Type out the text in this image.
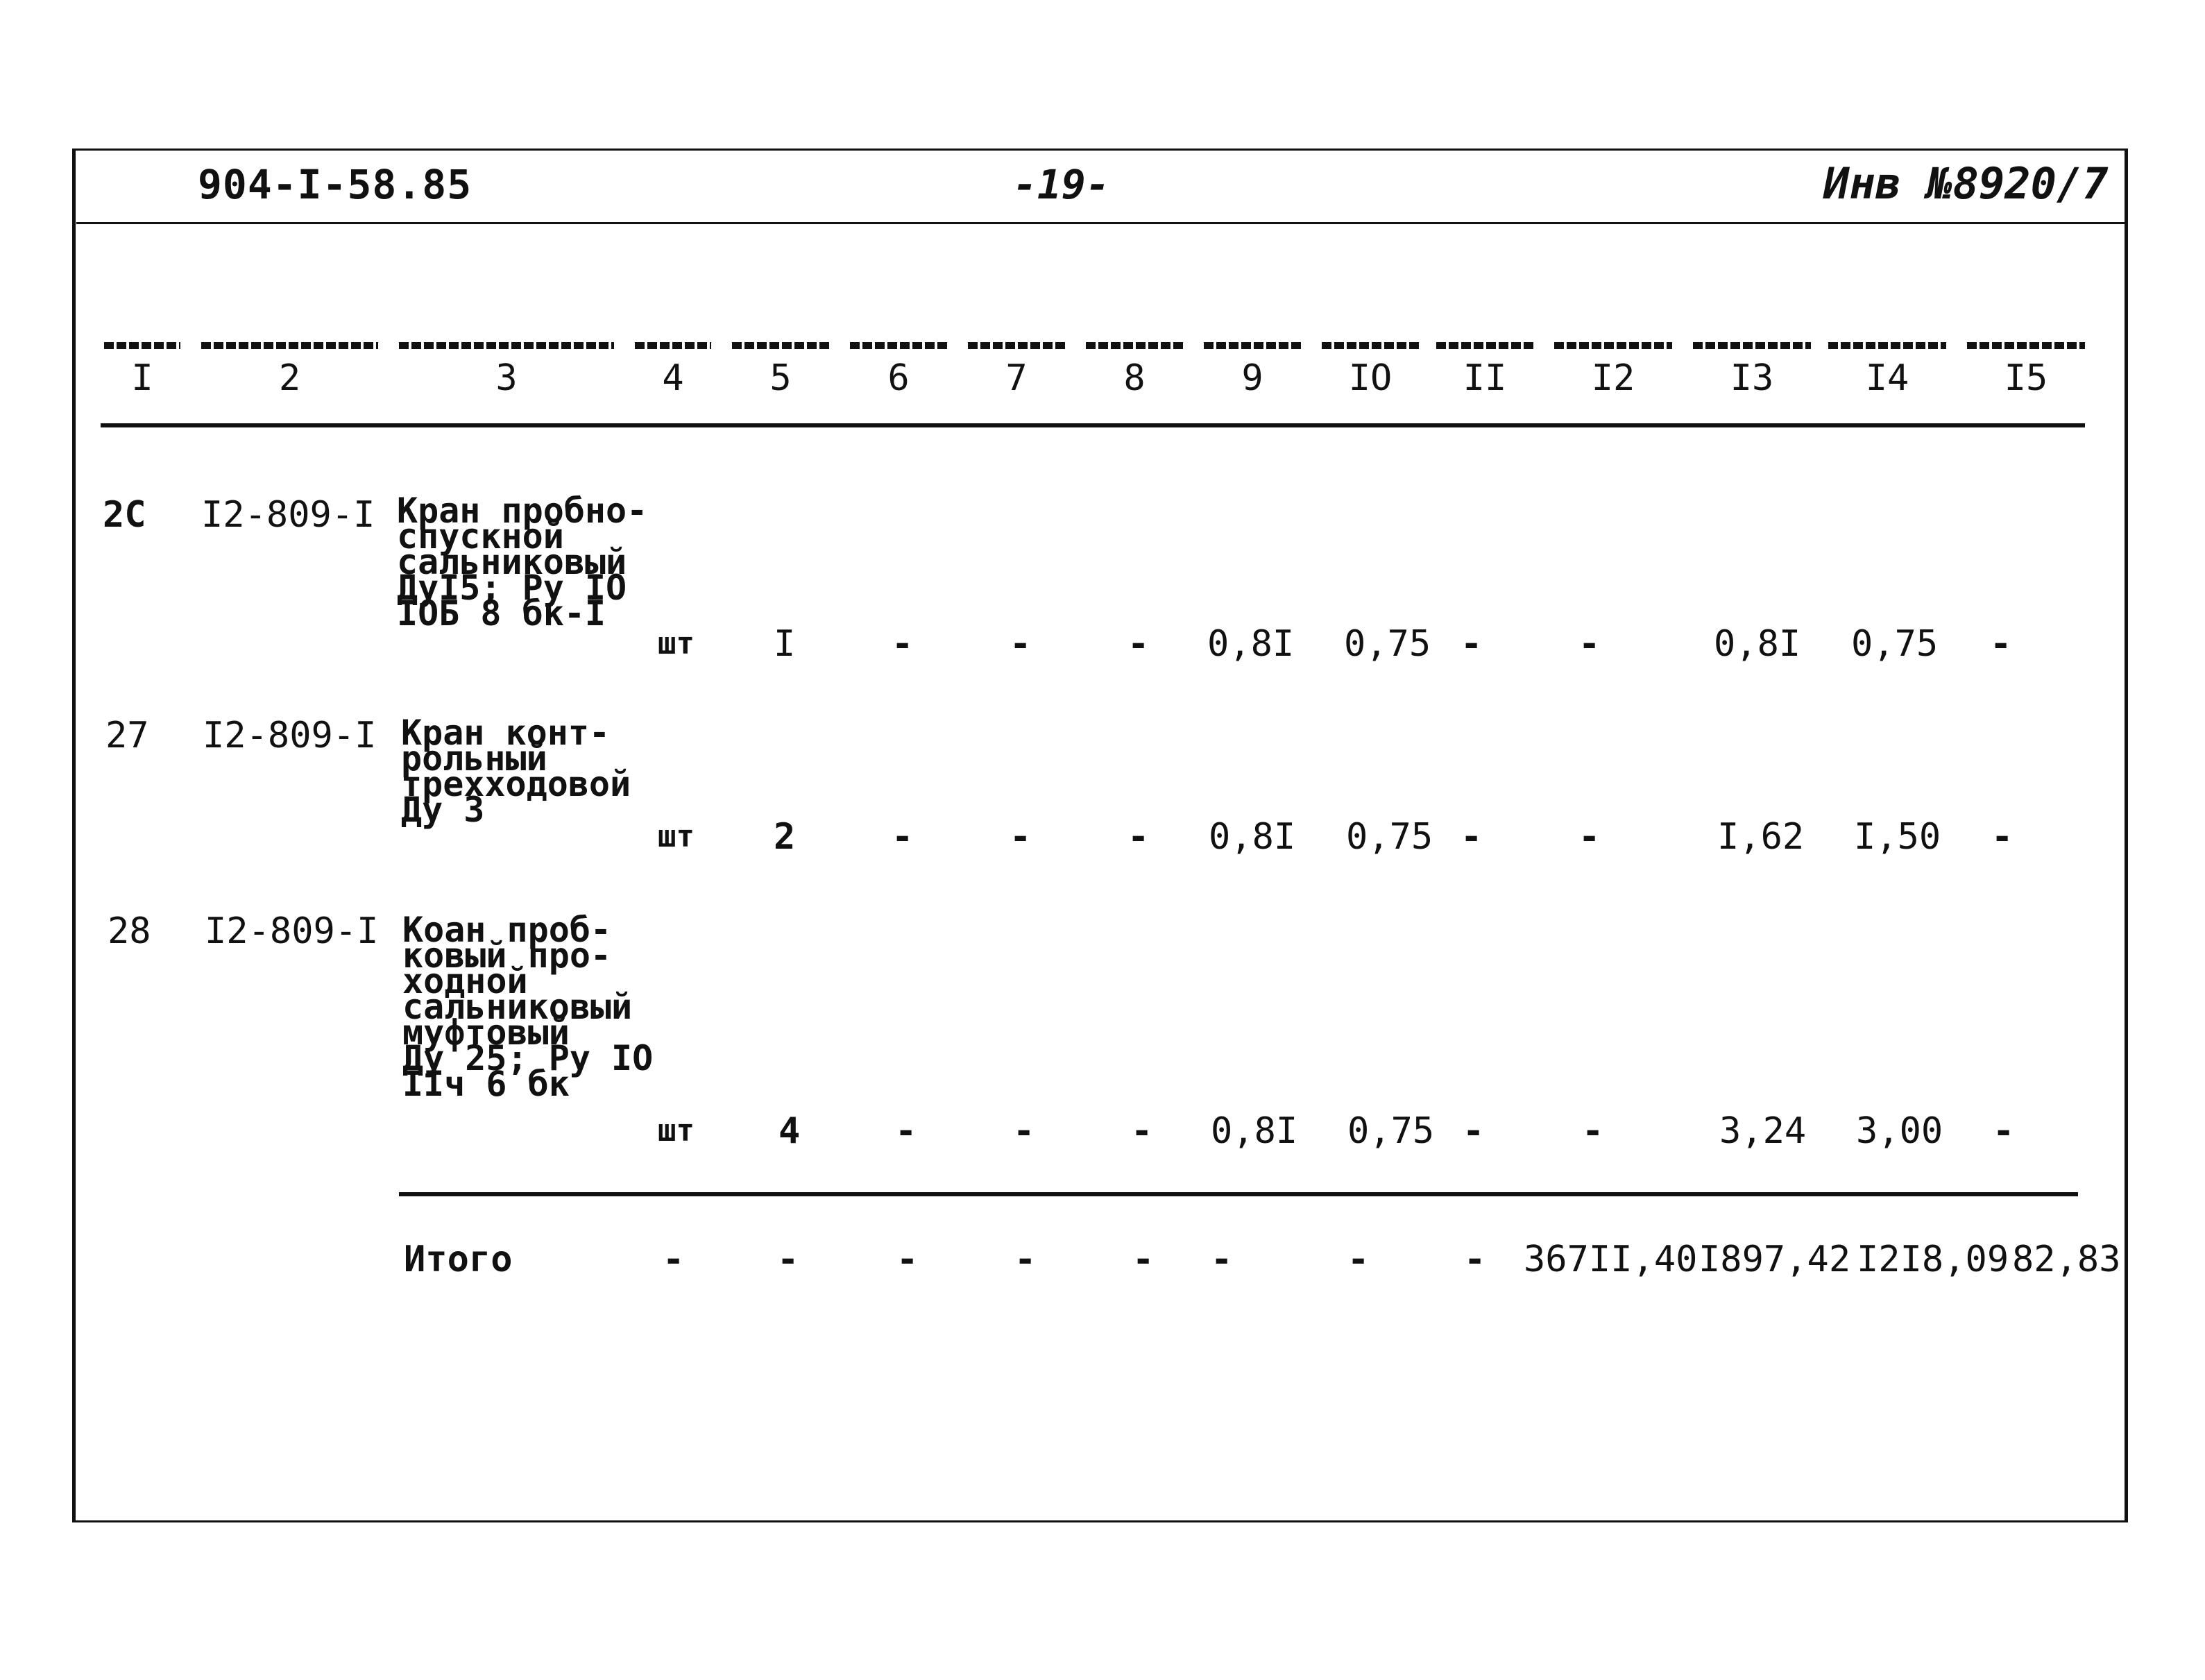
904-I-58.85	-19-	Инв №8920/7
I	2	3	4	5	6	7	8	9	IO	II	I2	I3	I4	I5
2C I2-809-I Кран пробно-
спускной
сальниковый
ДуI5; Ру IO
IOБ 8 бк-I
шт I	-	-	- 0,8I 0,75 -	-	0,8I 0,75 -
27 I2-809-I Кран конт-
рольный
трехходовой
Ду 3
шт 2	-	-	- 0,8I 0,75 -	-	I,62 I,50 -
28 I2-809-I Коан проб-
ковый про-
ходной
сальниковый
муфтовый
Ду 25; Ру IO
IIч 6 бк
шт 4	-	-	- 0,8I 0,75 -	-	3,24 3,00 -
Итого	-	-	-	-	- -	-	- 367II,40 I897,42 I2I8,09 82,83
